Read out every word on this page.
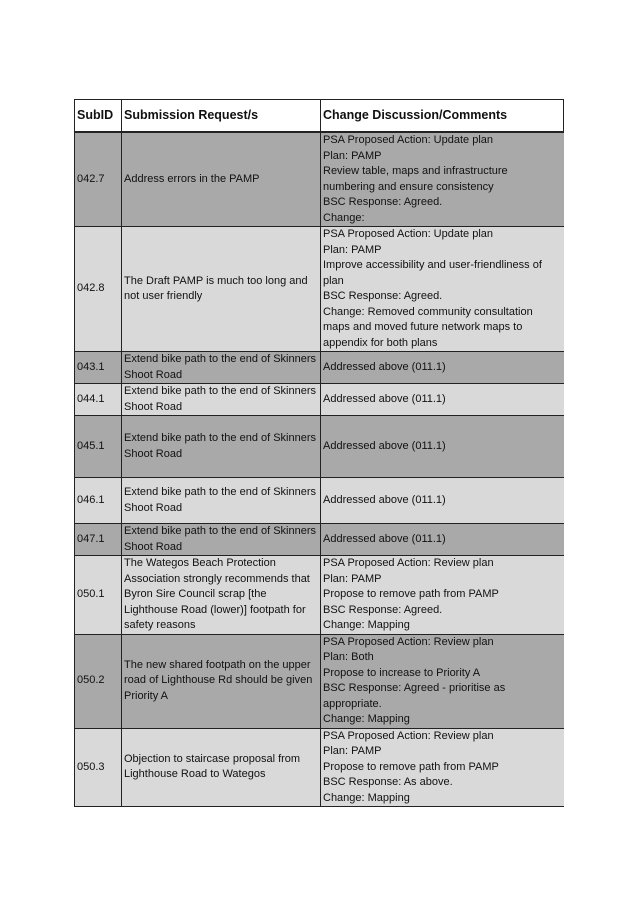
SubID	Submission Request/s	Change Discussion/Comments
042.7	Address errors in the PAMP	PSA Proposed Action: Update plan
Plan: PAMP
Review table, maps and infrastructure numbering and ensure consistency
BSC Response: Agreed.
Change:

042.8	The Draft PAMP is much too long and not user friendly	PSA Proposed Action: Update plan
Plan: PAMP
Improve accessibility and user-friendliness of plan
BSC Response: Agreed.
Change: Removed community consultation maps and moved future network maps to appendix for both plans

043.1	Extend bike path to the end of Skinners Shoot Road	Addressed above (011.1)

044.1	Extend bike path to the end of Skinners Shoot Road	Addressed above (011.1)

045.1	Extend bike path to the end of Skinners Shoot Road	Addressed above (011.1)

046.1	Extend bike path to the end of Skinners Shoot Road	Addressed above (011.1)

047.1	Extend bike path to the end of Skinners Shoot Road	Addressed above (011.1)

050.1	The Wategos Beach Protection Association strongly recommends that Byron Sire Council scrap [the Lighthouse Road (lower)] footpath for safety reasons	PSA Proposed Action: Review plan
Plan: PAMP
Propose to remove path from PAMP
BSC Response: Agreed.
Change: Mapping

050.2	The new shared footpath on the upper road of Lighthouse Rd should be given Priority A	PSA Proposed Action: Review plan
Plan: Both
Propose to increase to Priority A
BSC Response: Agreed - prioritise as appropriate.
Change: Mapping

050.3	Objection to staircase proposal from Lighthouse Road to Wategos	PSA Proposed Action: Review plan
Plan: PAMP
Propose to remove path from PAMP
BSC Response: As above.
Change: Mapping
